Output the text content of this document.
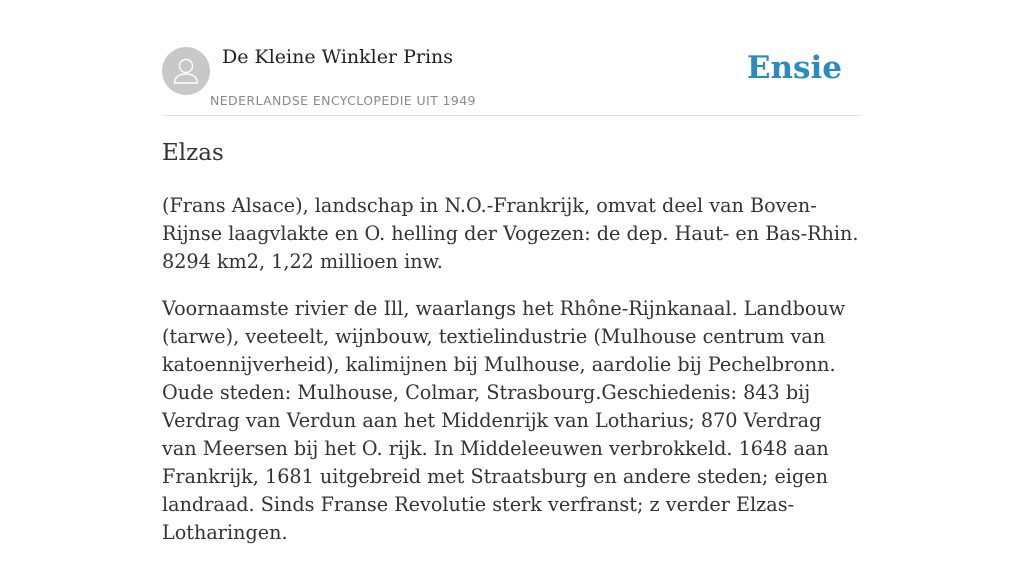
De Kleine Winkler Prins
NEDERLANDSE ENCYCLOPEDIE UIT 1949
Ensie
Elzas

(Frans Alsace), landschap in N.O.-Frankrijk, omvat deel van Boven-Rijnse laagvlakte en O. helling der Vogezen: de dep. Haut- en Bas-Rhin. 8294 km2, 1,22 millioen inw.

Voornaamste rivier de Ill, waarlangs het Rhône-Rijnkanaal. Landbouw (tarwe), veeteelt, wijnbouw, textielindustrie (Mulhouse centrum van katoennijverheid), kalimijnen bij Mulhouse, aardolie bij Pechelbronn. Oude steden: Mulhouse, Colmar, Strasbourg.Geschiedenis: 843 bij Verdrag van Verdun aan het Middenrijk van Lotharius; 870 Verdrag van Meersen bij het O. rijk. In Middeleeuwen verbrokkeld. 1648 aan Frankrijk, 1681 uitgebreid met Straatsburg en andere steden; eigen landraad. Sinds Franse Revolutie sterk verfranst; z verder Elzas-Lotharingen.
